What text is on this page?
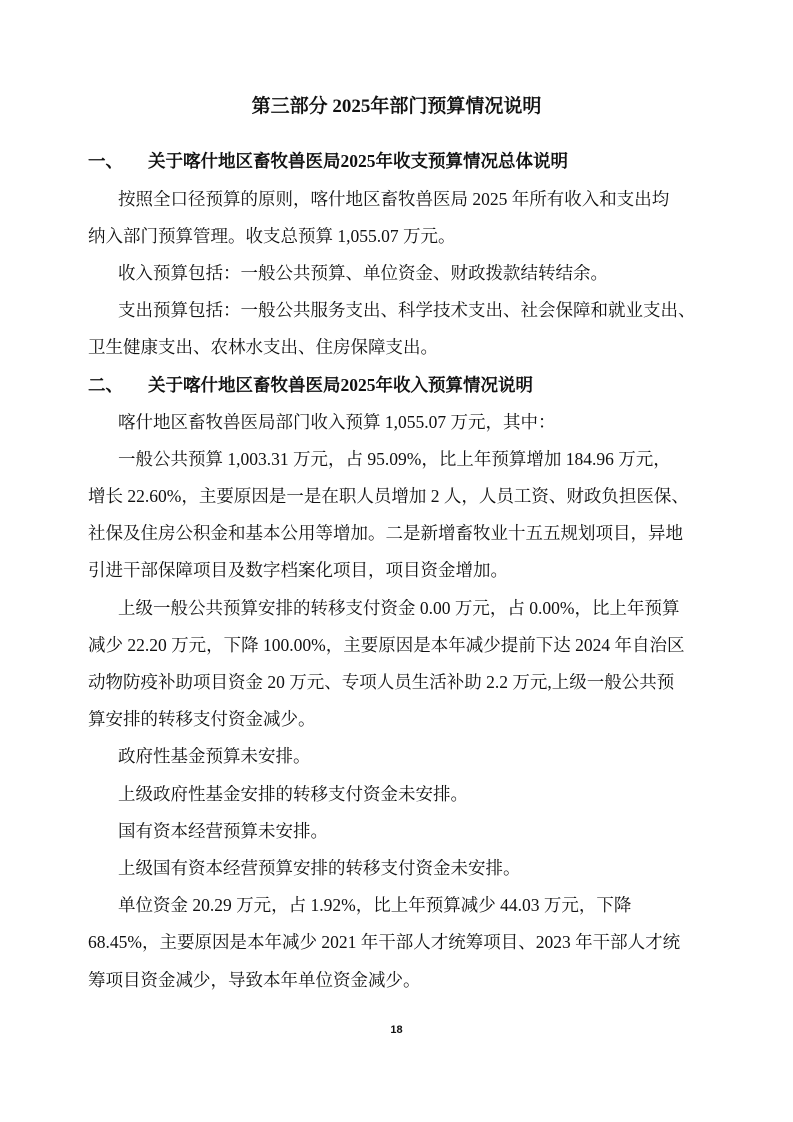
第三部分 2025年部门预算情况说明
一、 关于喀什地区畜牧兽医局2025年收支预算情况总体说明
按照全口径预算的原则，喀什地区畜牧兽医局 2025 年所有收入和支出均
纳入部门预算管理。收支总预算 1,055.07 万元。
收入预算包括：一般公共预算、单位资金、财政拨款结转结余。
支出预算包括：一般公共服务支出、科学技术支出、社会保障和就业支出、
卫生健康支出、农林水支出、住房保障支出。
二、 关于喀什地区畜牧兽医局2025年收入预算情况说明
喀什地区畜牧兽医局部门收入预算 1,055.07 万元，其中：
一般公共预算 1,003.31 万元，占 95.09%，比上年预算增加 184.96 万元，
增长 22.60%，主要原因是一是在职人员增加 2 人，人员工资、财政负担医保、
社保及住房公积金和基本公用等增加。二是新增畜牧业十五五规划项目，异地
引进干部保障项目及数字档案化项目，项目资金增加。
上级一般公共预算安排的转移支付资金 0.00 万元，占 0.00%，比上年预算
减少 22.20 万元，下降 100.00%，主要原因是本年减少提前下达 2024 年自治区
动物防疫补助项目资金 20 万元、专项人员生活补助 2.2 万元,上级一般公共预
算安排的转移支付资金减少。
政府性基金预算未安排。
上级政府性基金安排的转移支付资金未安排。
国有资本经营预算未安排。
上级国有资本经营预算安排的转移支付资金未安排。
单位资金 20.29 万元，占 1.92%，比上年预算减少 44.03 万元，下降
68.45%，主要原因是本年减少 2021 年干部人才统筹项目、2023 年干部人才统
筹项目资金减少，导致本年单位资金减少。
18
